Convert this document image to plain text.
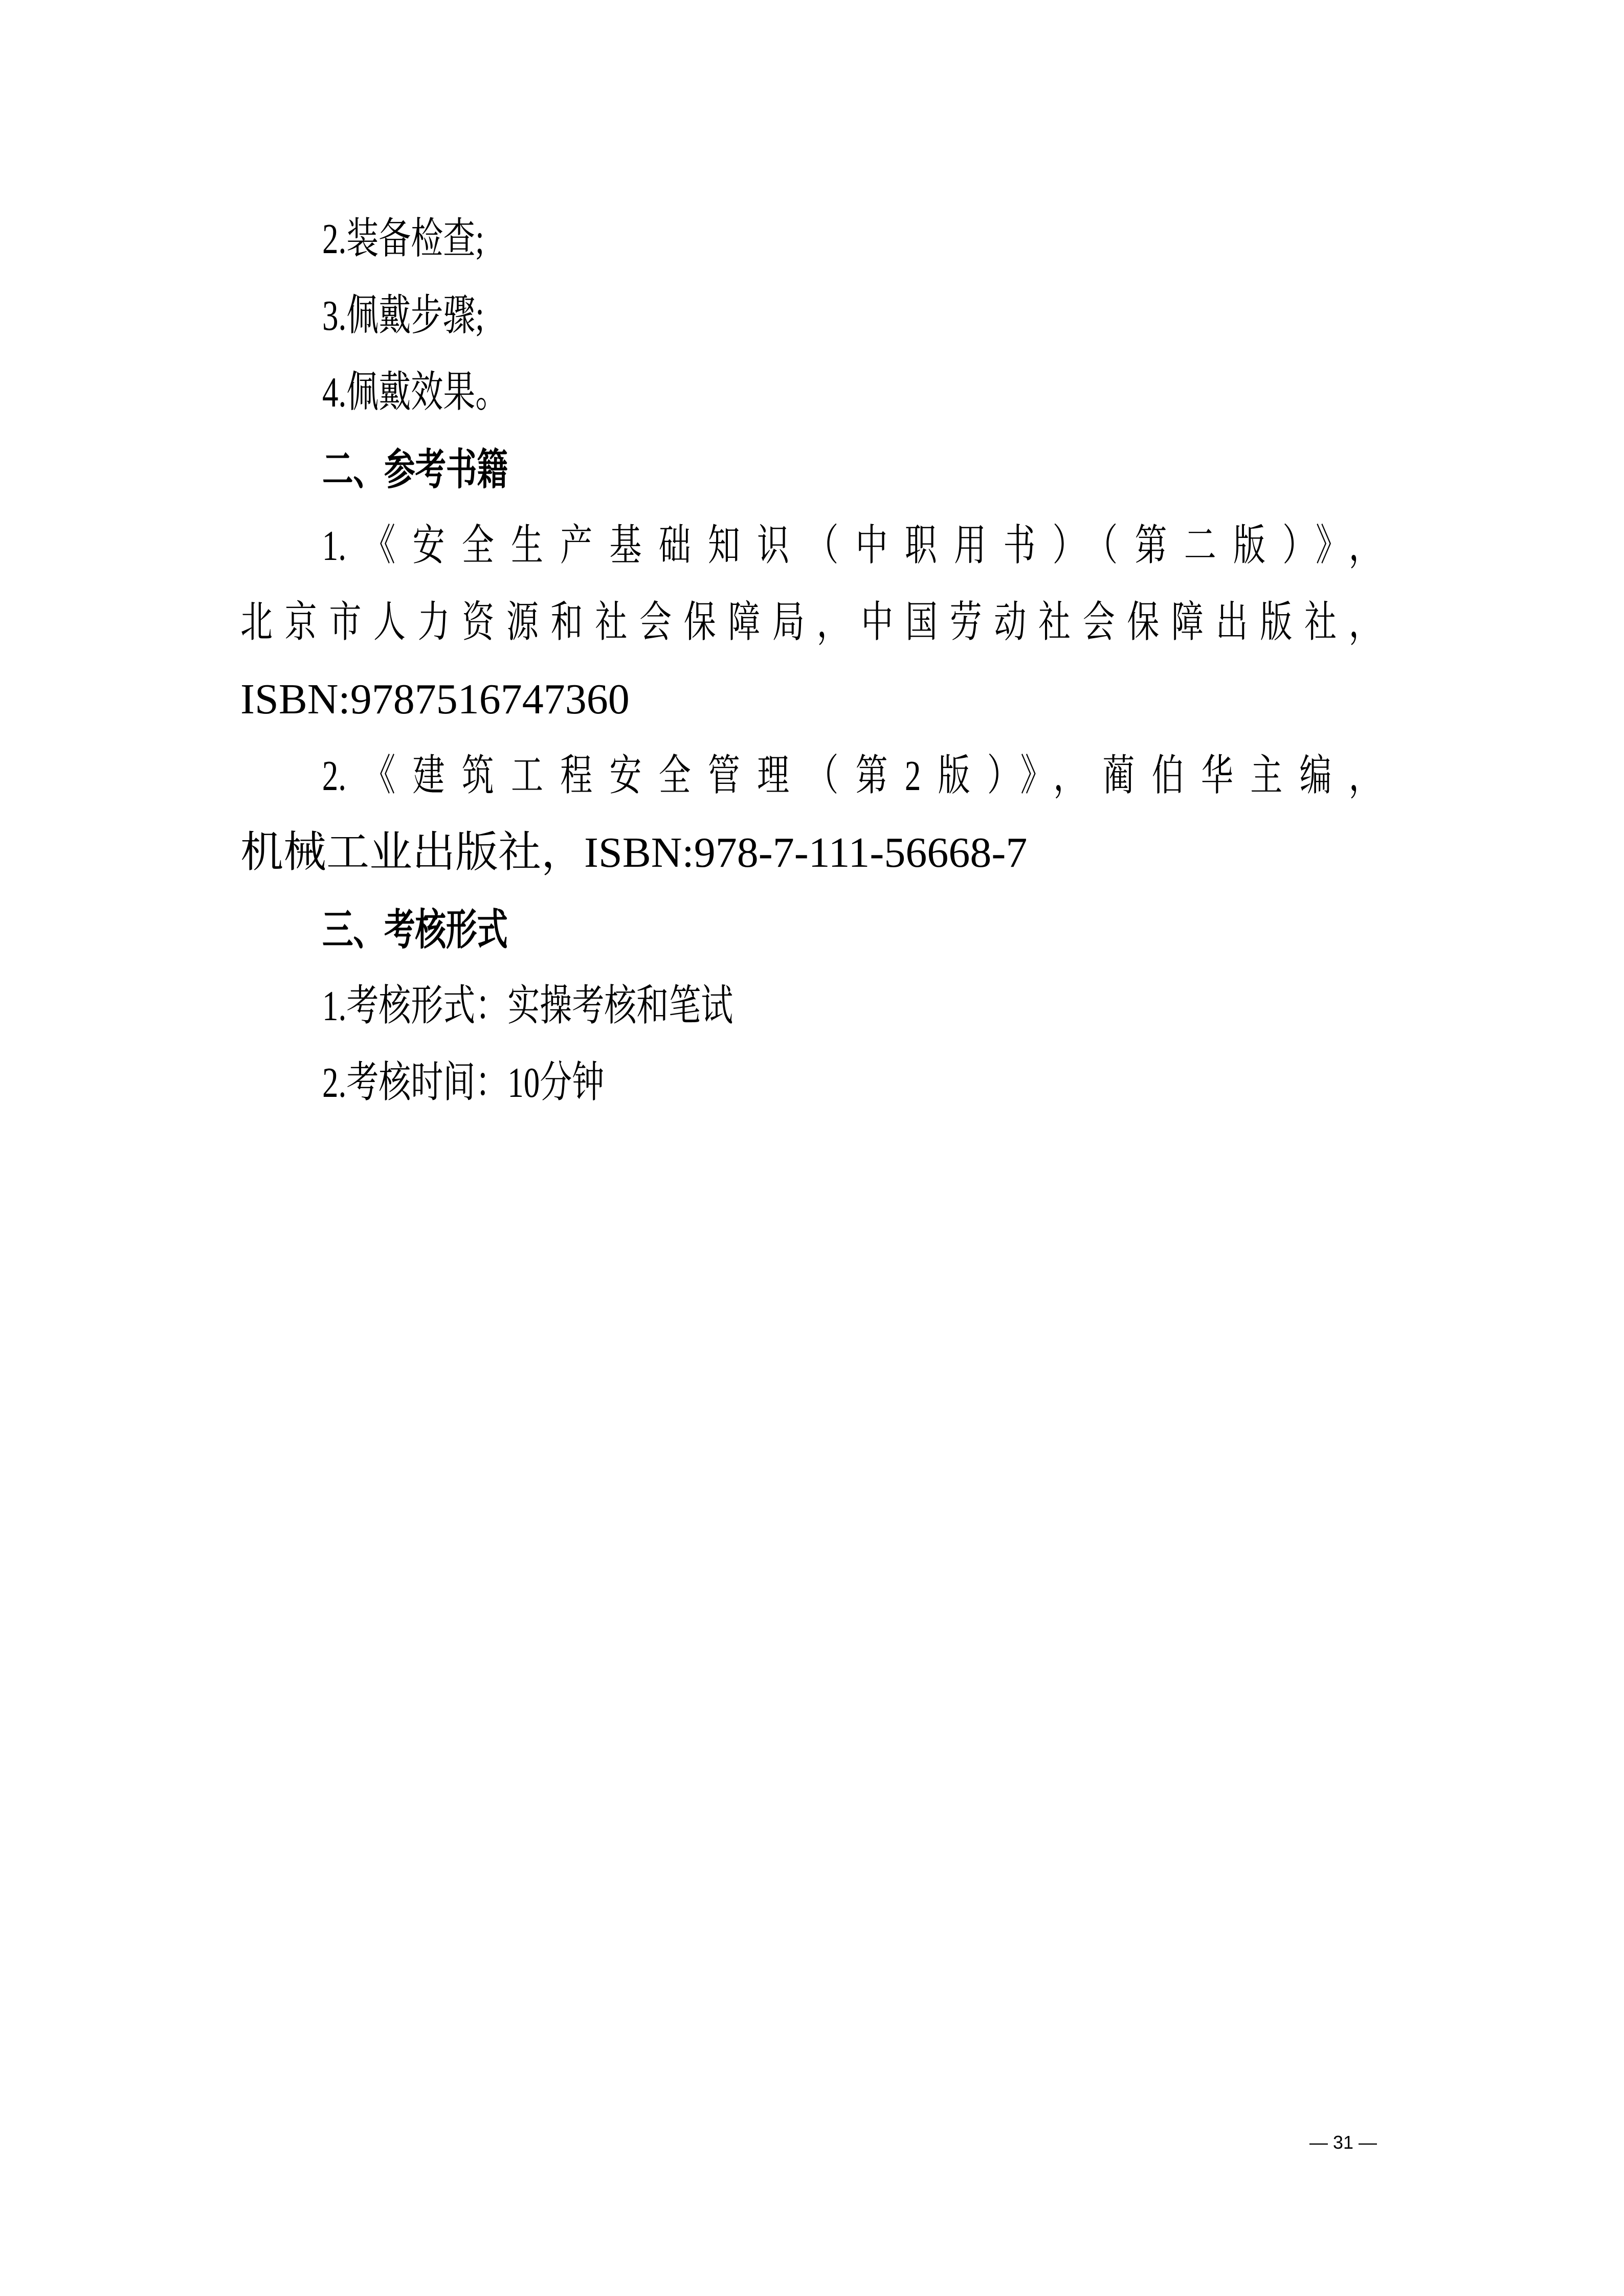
2.装备检查;
3.佩戴步骤;
4.佩戴效果。
二、参考书籍
1.《安全生产基础知识（中职用书）（第二版）》，
北京市人力资源和社会保障局，中国劳动社会保障出版社，
ISBN:9787516747360
2.《建筑工程安全管理（第2版）》，蔺伯华主编，
机械工业出版社，ISBN:978-7-111-56668-7
三、考核形式
1.考核形式：实操考核和笔试
2.考核时间：10分钟
— 31 —
